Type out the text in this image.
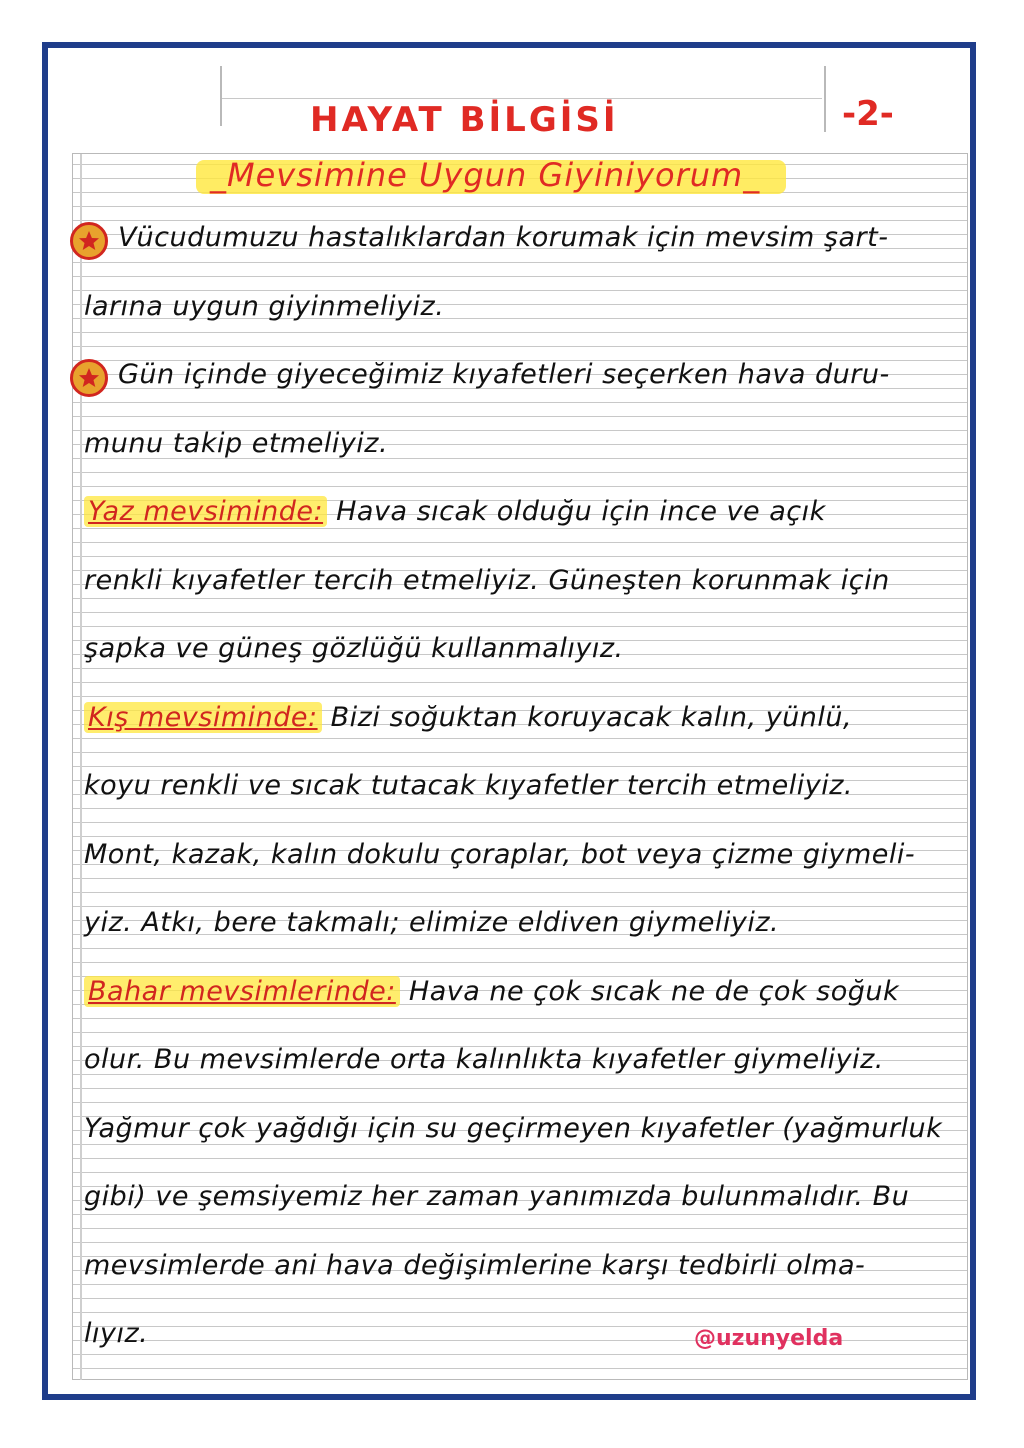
HAYAT BİLGİSİ	-2-
_Mevsimine Uygun Giyiniyorum_
Vücudumuzu hastalıklardan korumak için mevsim şart-
larına uygun giyinmeliyiz.
Gün içinde giyeceğimiz kıyafetleri seçerken hava duru-
munu takip etmeliyiz.
Yaz mevsiminde: Hava sıcak olduğu için ince ve açık
renkli kıyafetler tercih etmeliyiz. Güneşten korunmak için
şapka ve güneş gözlüğü kullanmalıyız.
Kış mevsiminde: Bizi soğuktan koruyacak kalın, yünlü,
koyu renkli ve sıcak tutacak kıyafetler tercih etmeliyiz.
Mont, kazak, kalın dokulu çoraplar, bot veya çizme giymeli-
yiz. Atkı, bere takmalı; elimize eldiven giymeliyiz.
Bahar mevsimlerinde: Hava ne çok sıcak ne de çok soğuk
olur. Bu mevsimlerde orta kalınlıkta kıyafetler giymeliyiz.
Yağmur çok yağdığı için su geçirmeyen kıyafetler (yağmurluk
gibi) ve şemsiyemiz her zaman yanımızda bulunmalıdır. Bu
mevsimlerde ani hava değişimlerine karşı tedbirli olma-
lıyız.	@uzunyelda
